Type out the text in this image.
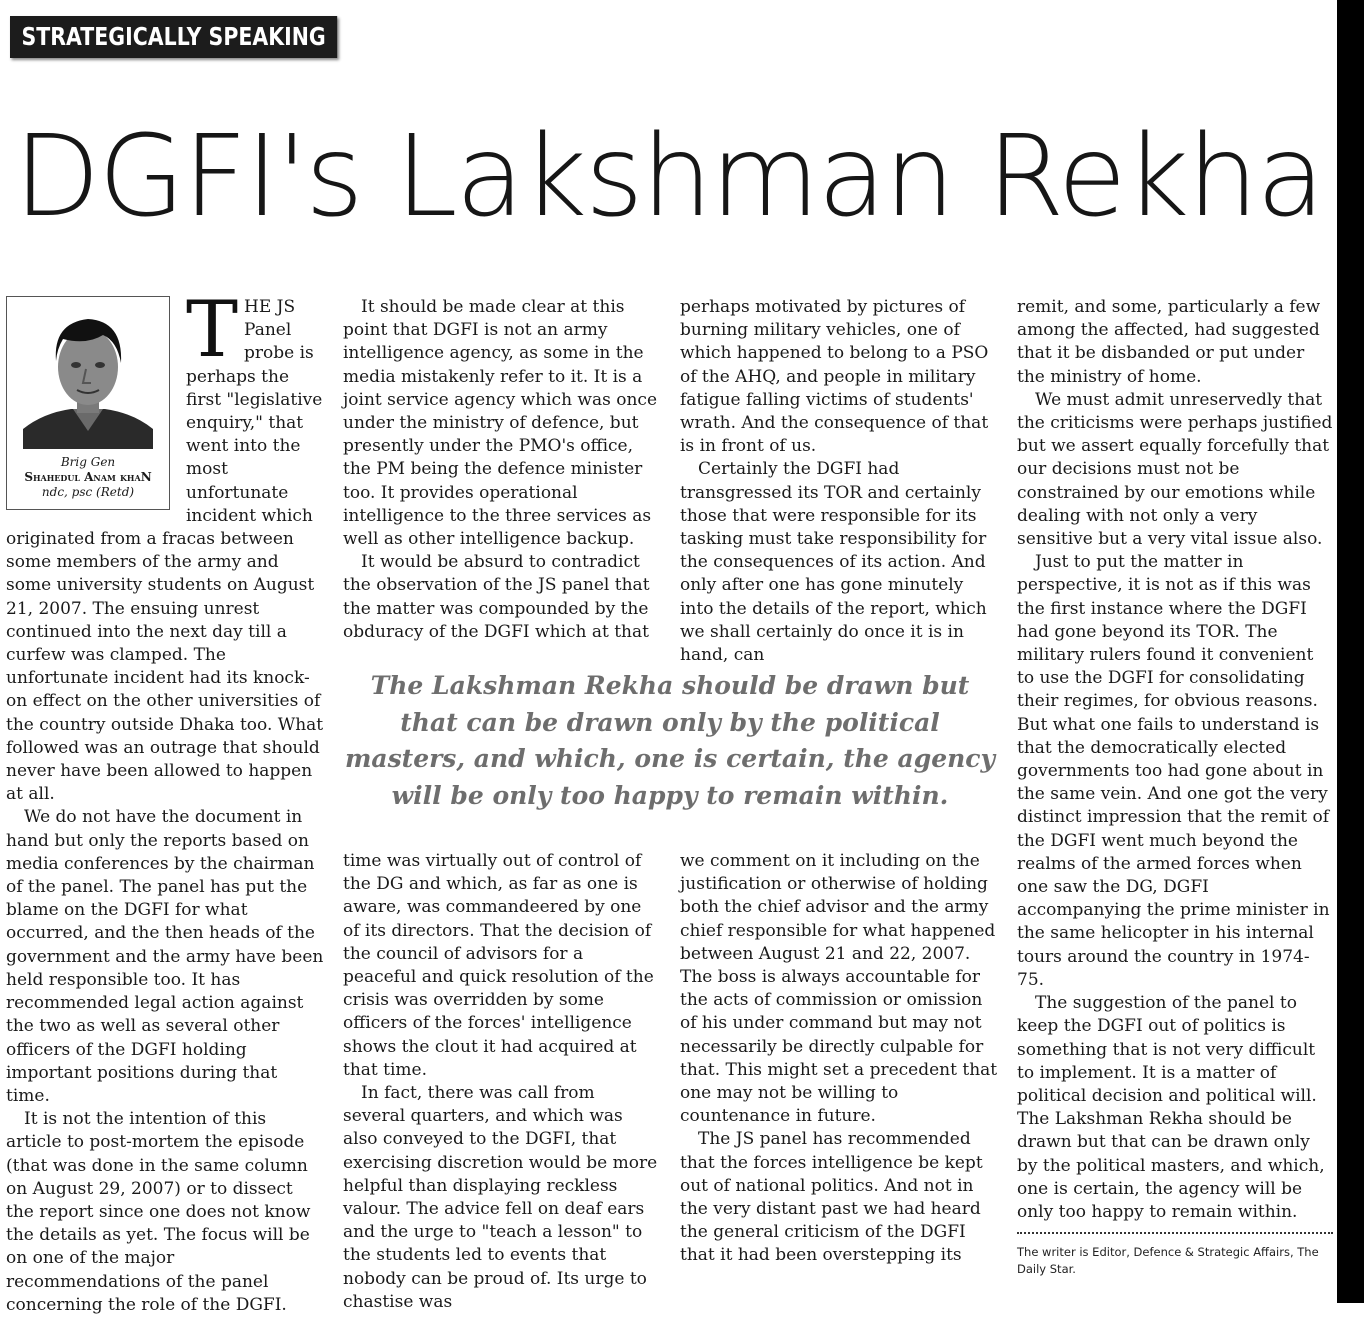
STRATEGICALLY SPEAKING
DGFI's Lakshman Rekha
Brig Gen
Shahedul Anam khaN
ndc, psc (Retd)

THE JS Panel probe is perhaps the first "legislative enquiry," that went into the most unfortunate incident which originated from a fracas between some members of the army and some university students on August 21, 2007. The ensuing unrest continued into the next day till a curfew was clamped. The unfortunate incident had its knock-on effect on the other universities of the country outside Dhaka too. What followed was an outrage that should never have been allowed to happen at all.

We do not have the document in hand but only the reports based on media conferences by the chairman of the panel. The panel has put the blame on the DGFI for what occurred, and the then heads of the government and the army have been held responsible too. It has recommended legal action against the two as well as several other officers of the DGFI holding important positions during that time.

It is not the intention of this article to post-mortem the episode (that was done in the same column on August 29, 2007) or to dissect the report since one does not know the details as yet. The focus will be on one of the major recommendations of the panel concerning the role of the DGFI.

It should be made clear at this point that DGFI is not an army intelligence agency, as some in the media mistakenly refer to it. It is a joint service agency which was once under the ministry of defence, but presently under the PMO's office, the PM being the defence minister too. It provides operational intelligence to the three services as well as other intelligence backup.

It would be absurd to contradict the observation of the JS panel that the matter was compounded by the obduracy of the DGFI which at that

perhaps motivated by pictures of burning military vehicles, one of which happened to belong to a PSO of the AHQ, and people in military fatigue falling victims of students' wrath. And the consequence of that is in front of us.

Certainly the DGFI had transgressed its TOR and certainly those that were responsible for its tasking must take responsibility for the consequences of its action. And only after one has gone minutely into the details of the report, which we shall certainly do once it is in hand, can

The Lakshman Rekha should be drawn but that can be drawn only by the political masters, and which, one is certain, the agency will be only too happy to remain within.

time was virtually out of control of the DG and which, as far as one is aware, was commandeered by one of its directors. That the decision of the council of advisors for a peaceful and quick resolution of the crisis was overridden by some officers of the forces' intelligence shows the clout it had acquired at that time.

In fact, there was call from several quarters, and which was also conveyed to the DGFI, that exercising discretion would be more helpful than displaying reckless valour. The advice fell on deaf ears and the urge to "teach a lesson" to the students led to events that nobody can be proud of. Its urge to chastise was

we comment on it including on the justification or otherwise of holding both the chief advisor and the army chief responsible for what happened between August 21 and 22, 2007. The boss is always accountable for the acts of commission or omission of his under command but may not necessarily be directly culpable for that. This might set a precedent that one may not be willing to countenance in future.

The JS panel has recommended that the forces intelligence be kept out of national politics. And not in the very distant past we had heard the general criticism of the DGFI that it had been overstepping its

remit, and some, particularly a few among the affected, had suggested that it be disbanded or put under the ministry of home.

We must admit unreservedly that the criticisms were perhaps justified but we assert equally forcefully that our decisions must not be constrained by our emotions while dealing with not only a very sensitive but a very vital issue also.

Just to put the matter in perspective, it is not as if this was the first instance where the DGFI had gone beyond its TOR. The military rulers found it convenient to use the DGFI for consolidating their regimes, for obvious reasons. But what one fails to understand is that the democratically elected governments too had gone about in the same vein. And one got the very distinct impression that the remit of the DGFI went much beyond the realms of the armed forces when one saw the DG, DGFI accompanying the prime minister in the same helicopter in his internal tours around the country in 1974-75.

The suggestion of the panel to keep the DGFI out of politics is something that is not very difficult to implement. It is a matter of political decision and political will. The Lakshman Rekha should be drawn but that can be drawn only by the political masters, and which, one is certain, the agency will be only too happy to remain within.

The writer is Editor, Defence & Strategic Affairs, The Daily Star.
